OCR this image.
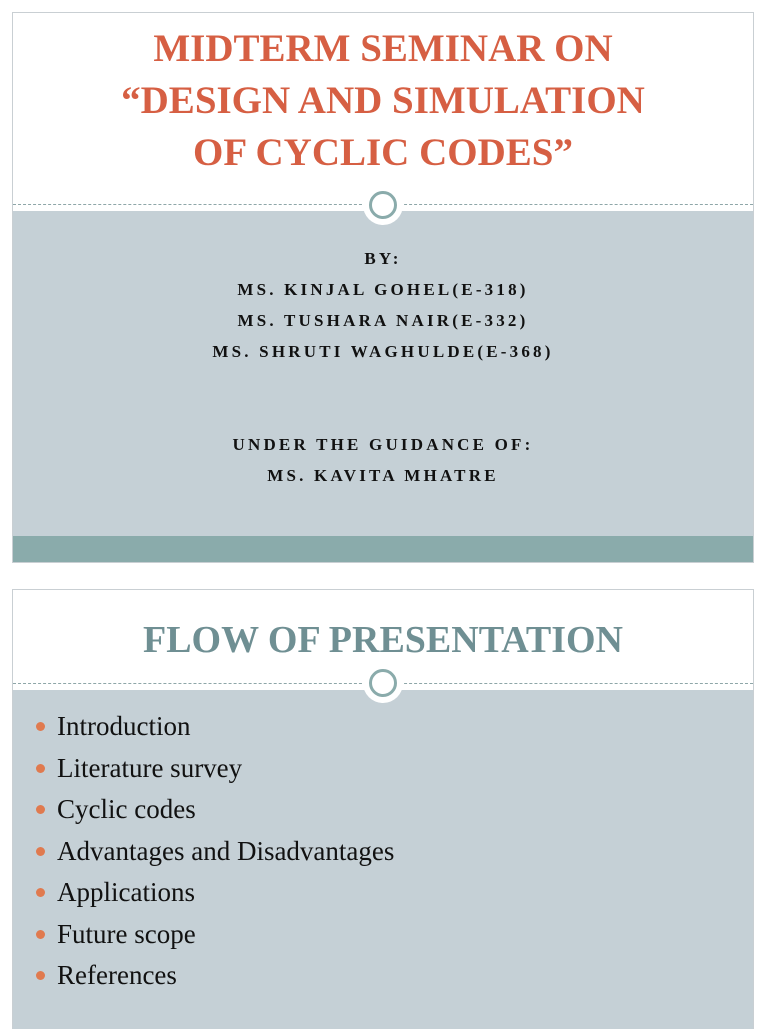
MIDTERM SEMINAR ON
“DESIGN AND SIMULATION
OF CYCLIC CODES”
BY:
MS. KINJAL GOHEL(E-318)
MS. TUSHARA NAIR(E-332)
MS. SHRUTI WAGHULDE(E-368)
UNDER THE GUIDANCE OF:
MS. KAVITA MHATRE
FLOW OF PRESENTATION
Introduction
Literature survey
Cyclic codes
Advantages and Disadvantages
Applications
Future scope
References
